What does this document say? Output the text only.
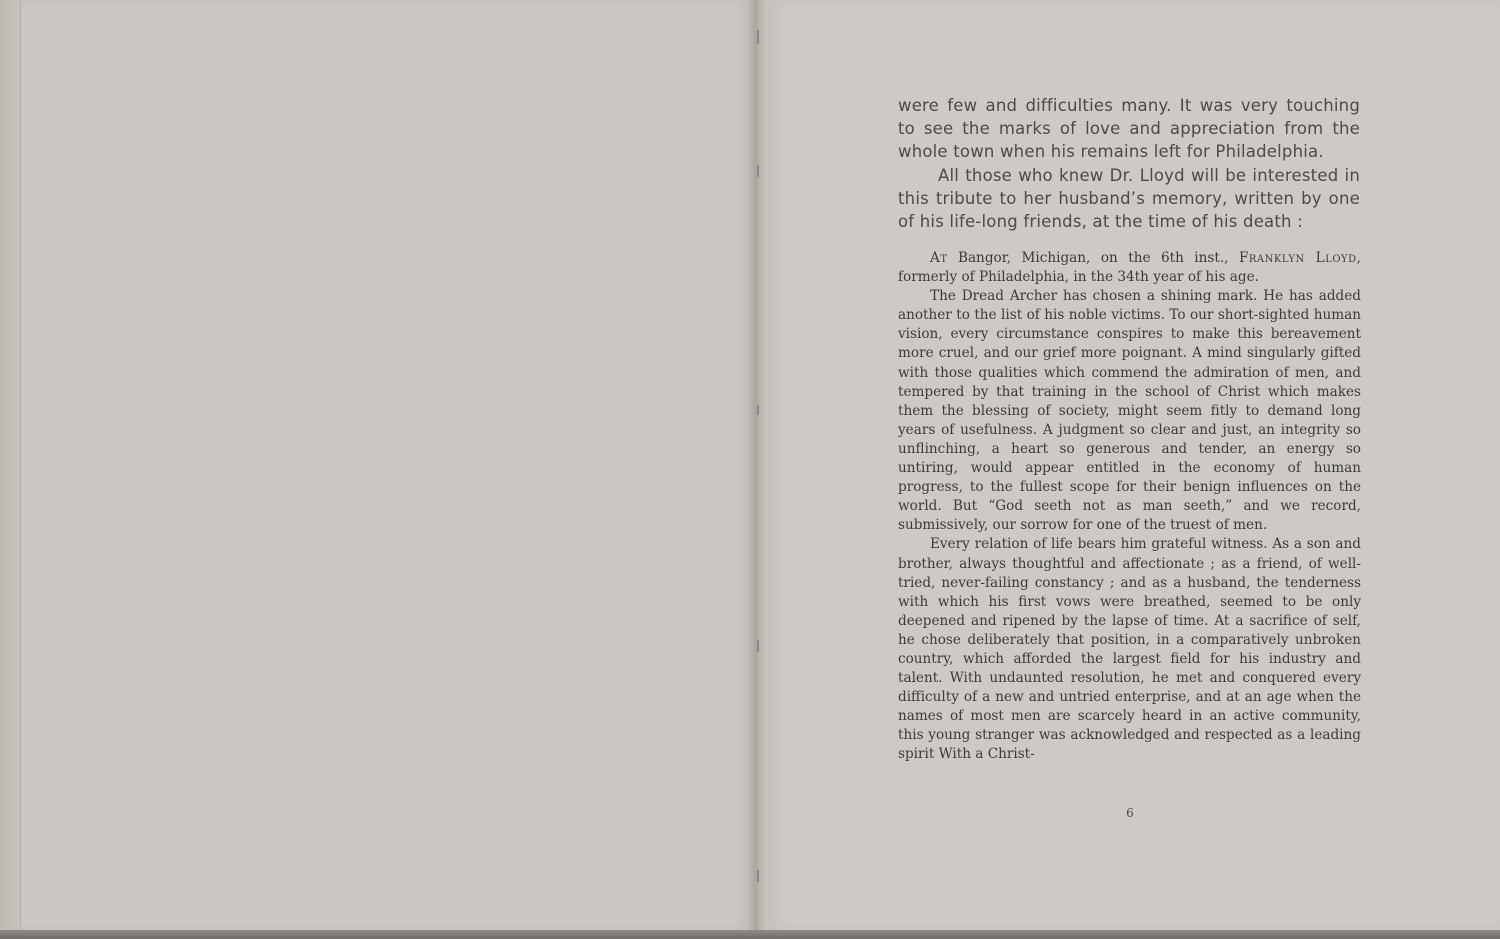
were few and difficulties many. It was very touching to see the marks of love and appreciation from the whole town when his remains left for Philadelphia.

All those who knew Dr. Lloyd will be interested in this tribute to her husband’s memory, written by one of his life-long friends, at the time of his death :

At Bangor, Michigan, on the 6th inst., Franklyn Lloyd, formerly of Philadelphia, in the 34th year of his age.

The Dread Archer has chosen a shining mark. He has added another to the list of his noble victims. To our short-sighted human vision, every circumstance conspires to make this bereavement more cruel, and our grief more poignant. A mind singularly gifted with those qualities which commend the admiration of men, and tempered by that training in the school of Christ which makes them the blessing of society, might seem fitly to demand long years of usefulness. A judgment so clear and just, an integrity so unflinching, a heart so generous and tender, an energy so untiring, would appear entitled in the economy of human progress, to the fullest scope for their benign influences on the world. But “God seeth not as man seeth,” and we record, submissively, our sorrow for one of the truest of men.

Every relation of life bears him grateful witness. As a son and brother, always thoughtful and affectionate ; as a friend, of well-tried, never-failing constancy ; and as a husband, the tenderness with which his first vows were breathed, seemed to be only deepened and ripened by the lapse of time. At a sacrifice of self, he chose deliberately that position, in a comparatively unbroken country, which afforded the largest field for his industry and talent. With undaunted resolution, he met and conquered every difficulty of a new and untried enterprise, and at an age when the names of most men are scarcely heard in an active community, this young stranger was acknowledged and respected as a leading spirit With a Christ-

6
